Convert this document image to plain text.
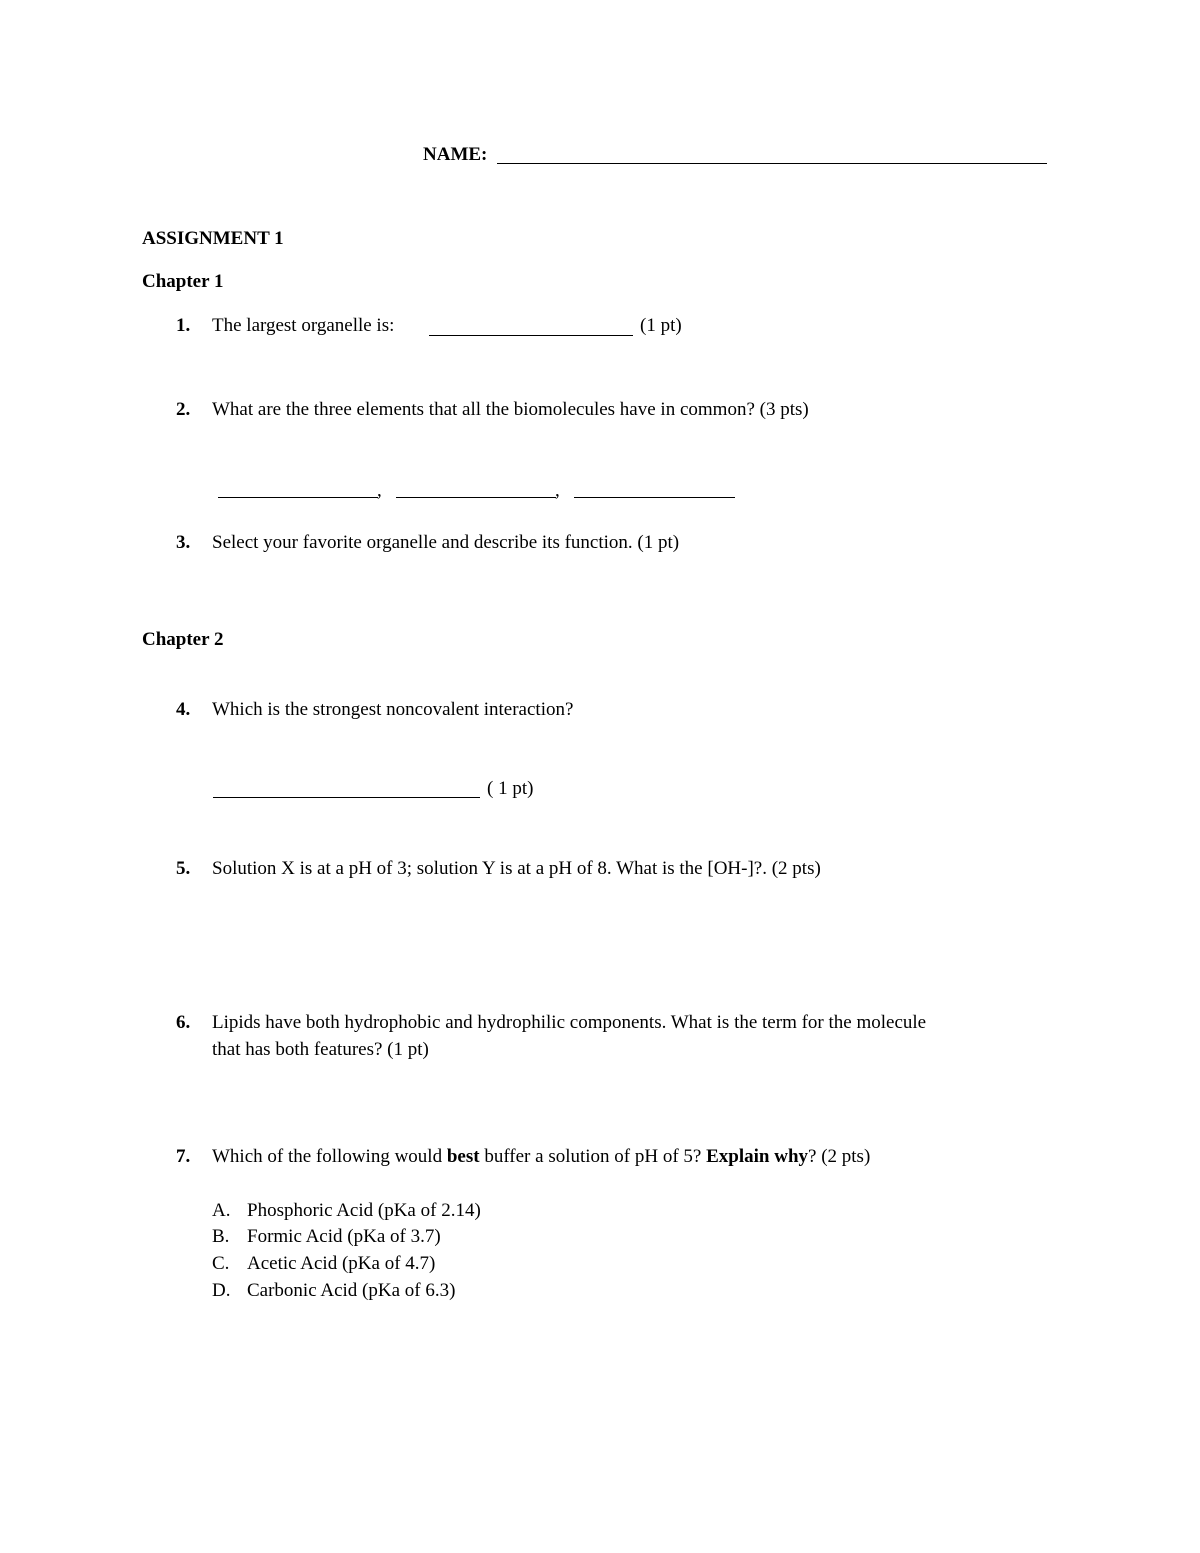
NAME:
ASSIGNMENT 1
Chapter 1
1. The largest organelle is:	(1 pt)
2. What are the three elements that all the biomolecules have in common? (3 pts)
,	,
3. Select your favorite organelle and describe its function. (1 pt)
Chapter 2
4. Which is the strongest noncovalent interaction?
( 1 pt)
5. Solution X is at a pH of 3; solution Y is at a pH of 8. What is the [OH-]?. (2 pts)
6. Lipids have both hydrophobic and hydrophilic components. What is the term for the molecule
that has both features? (1 pt)
7. Which of the following would best buffer a solution of pH of 5? Explain why? (2 pts)
A. Phosphoric Acid (pKa of 2.14)
B. Formic Acid (pKa of 3.7)
C. Acetic Acid (pKa of 4.7)
D. Carbonic Acid (pKa of 6.3)
